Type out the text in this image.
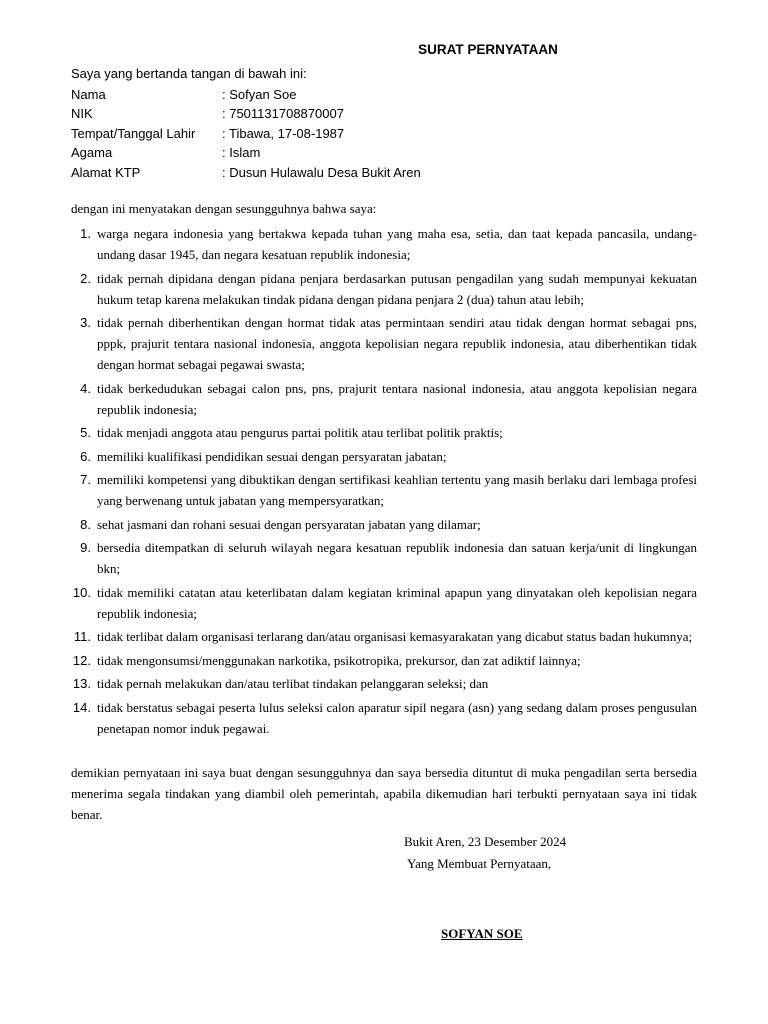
SURAT PERNYATAAN
Saya yang bertanda tangan di bawah ini:
Nama	: Sofyan Soe
NIK	: 7501131708870007
Tempat/Tanggal Lahir : Tibawa, 17-08-1987
Agama	: Islam
Alamat KTP	: Dusun Hulawalu Desa Bukit Aren
dengan ini menyatakan dengan sesungguhnya bahwa saya:
1. warga negara indonesia yang bertakwa kepada tuhan yang maha esa, setia, dan taat kepada pancasila, undang-undang dasar 1945, dan negara kesatuan republik indonesia;
2. tidak pernah dipidana dengan pidana penjara berdasarkan putusan pengadilan yang sudah mempunyai kekuatan hukum tetap karena melakukan tindak pidana dengan pidana penjara 2 (dua) tahun atau lebih;
3. tidak pernah diberhentikan dengan hormat tidak atas permintaan sendiri atau tidak dengan hormat sebagai pns, pppk, prajurit tentara nasional indonesia, anggota kepolisian negara republik indonesia, atau diberhentikan tidak dengan hormat sebagai pegawai swasta;
4. tidak berkedudukan sebagai calon pns, pns, prajurit tentara nasional indonesia, atau anggota kepolisian negara republik indonesia;
5. tidak menjadi anggota atau pengurus partai politik atau terlibat politik praktis;
6. memiliki kualifikasi pendidikan sesuai dengan persyaratan jabatan;
7. memiliki kompetensi yang dibuktikan dengan sertifikasi keahlian tertentu yang masih berlaku dari lembaga profesi yang berwenang untuk jabatan yang mempersyaratkan;
8. sehat jasmani dan rohani sesuai dengan persyaratan jabatan yang dilamar;
9. bersedia ditempatkan di seluruh wilayah negara kesatuan republik indonesia dan satuan kerja/unit di lingkungan bkn;
10. tidak memiliki catatan atau keterlibatan dalam kegiatan kriminal apapun yang dinyatakan oleh kepolisian negara republik indonesia;
11. tidak terlibat dalam organisasi terlarang dan/atau organisasi kemasyarakatan yang dicabut status badan hukumnya;
12. tidak mengonsumsi/menggunakan narkotika, psikotropika, prekursor, dan zat adiktif lainnya;
13. tidak pernah melakukan dan/atau terlibat tindakan pelanggaran seleksi; dan
14. tidak berstatus sebagai peserta lulus seleksi calon aparatur sipil negara (asn) yang sedang dalam proses pengusulan penetapan nomor induk pegawai.
demikian pernyataan ini saya buat dengan sesungguhnya dan saya bersedia dituntut di muka pengadilan serta bersedia menerima segala tindakan yang diambil oleh pemerintah, apabila dikemudian hari terbukti pernyataan saya ini tidak benar.
Bukit Aren, 23 Desember 2024
Yang Membuat Pernyataan,
SOFYAN SOE
